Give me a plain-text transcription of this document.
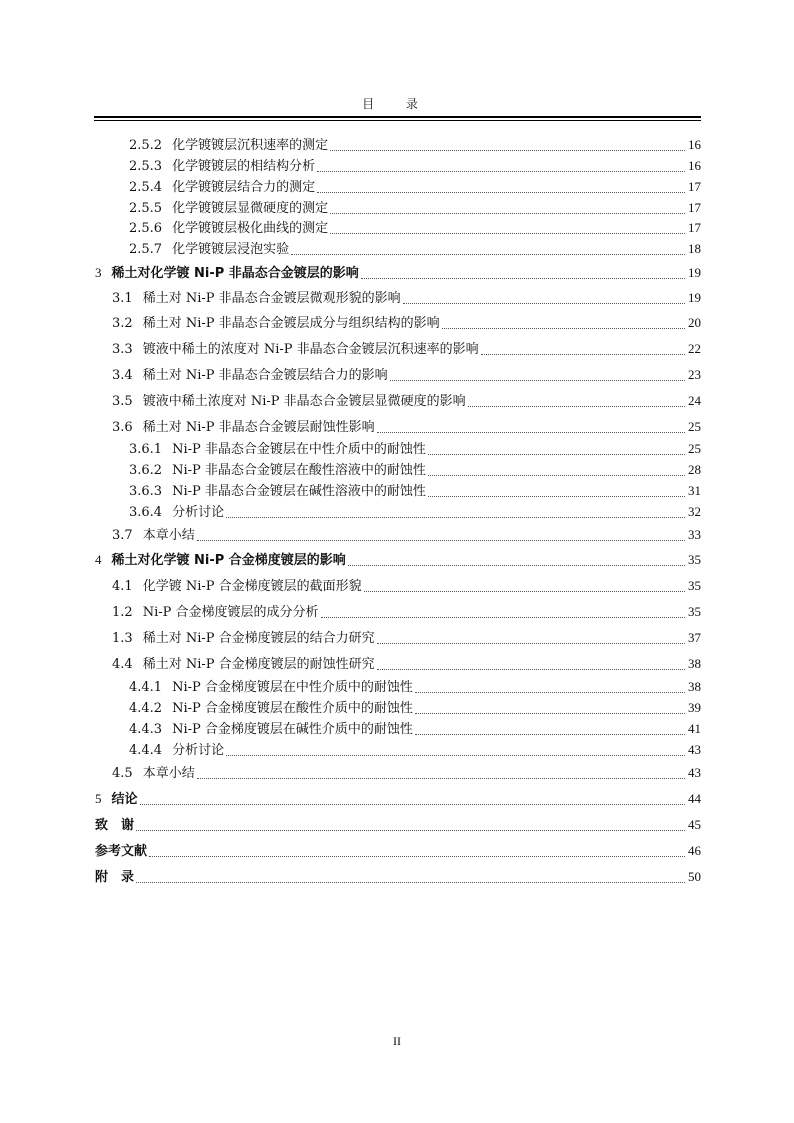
目 录
2.5.2 化学镀镀层沉积速率的测定	16
2.5.3 化学镀镀层的相结构分析	16
2.5.4 化学镀镀层结合力的测定	17
2.5.5 化学镀镀层显微硬度的测定	17
2.5.6 化学镀镀层极化曲线的测定	17
2.5.7 化学镀镀层浸泡实验	18
3 稀土对化学镀 Ni-P 非晶态合金镀层的影响	19
3.1 稀土对 Ni-P 非晶态合金镀层微观形貌的影响	19
3.2 稀土对 Ni-P 非晶态合金镀层成分与组织结构的影响	20
3.3 镀液中稀土的浓度对 Ni-P 非晶态合金镀层沉积速率的影响	22
3.4 稀土对 Ni-P 非晶态合金镀层结合力的影响	23
3.5 镀液中稀土浓度对 Ni-P 非晶态合金镀层显微硬度的影响	24
3.6 稀土对 Ni-P 非晶态合金镀层耐蚀性影响	25
3.6.1 Ni-P 非晶态合金镀层在中性介质中的耐蚀性	25
3.6.2 Ni-P 非晶态合金镀层在酸性溶液中的耐蚀性	28
3.6.3 Ni-P 非晶态合金镀层在碱性溶液中的耐蚀性	31
3.6.4 分析讨论	32
3.7 本章小结	33
4 稀土对化学镀 Ni-P 合金梯度镀层的影响	35
4.1 化学镀 Ni-P 合金梯度镀层的截面形貌	35
1.2 Ni-P 合金梯度镀层的成分分析	35
1.3 稀土对 Ni-P 合金梯度镀层的结合力研究	37
4.4 稀土对 Ni-P 合金梯度镀层的耐蚀性研究	38
4.4.1 Ni-P 合金梯度镀层在中性介质中的耐蚀性	38
4.4.2 Ni-P 合金梯度镀层在酸性介质中的耐蚀性	39
4.4.3 Ni-P 合金梯度镀层在碱性介质中的耐蚀性	41
4.4.4 分析讨论	43
4.5 本章小结	43
5 结论	44
致　谢	45
参考文献	46
附　录	50
II
